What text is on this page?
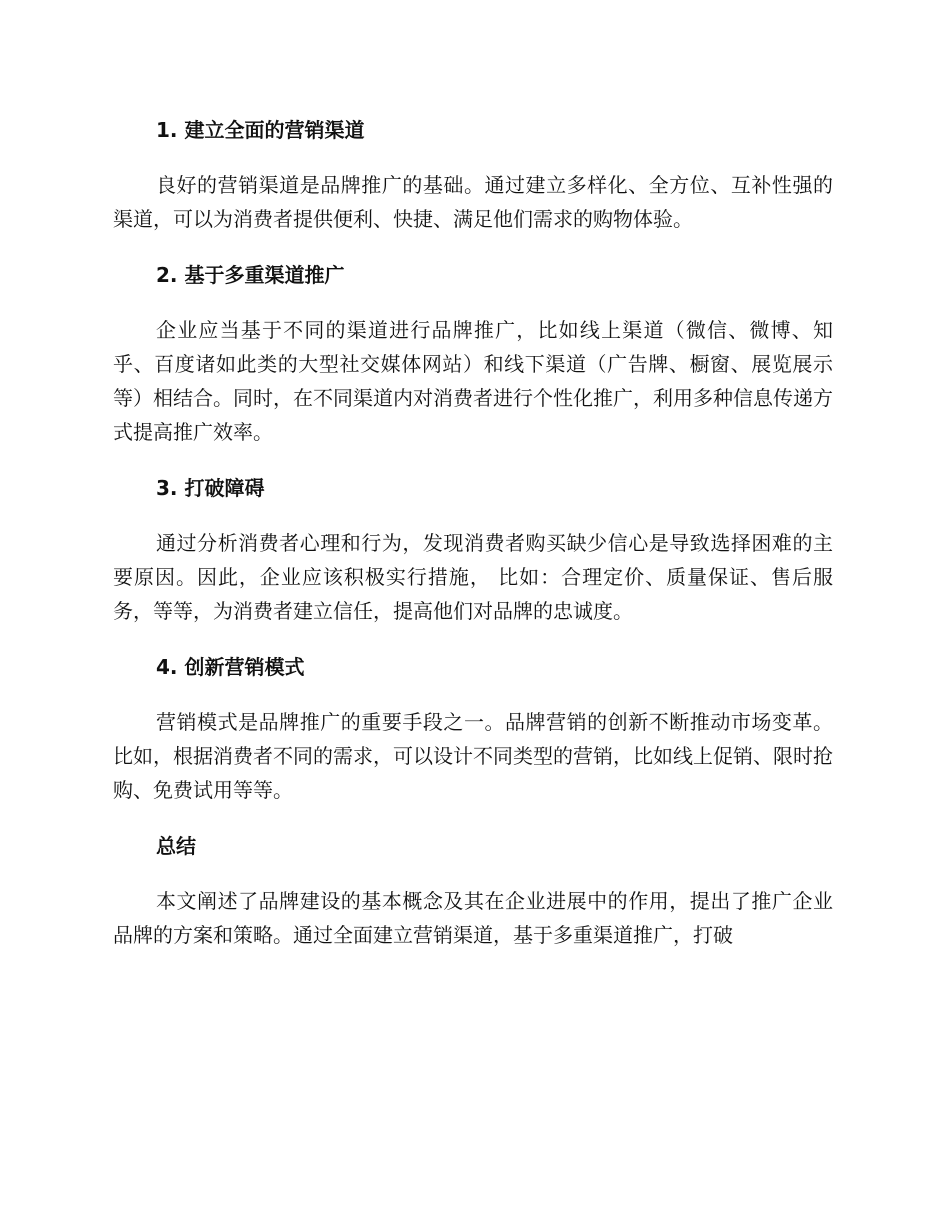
1. 建立全面的营销渠道

良好的营销渠道是品牌推广的基础。通过建立多样化、全方位、互补性强的渠道，可以为消费者提供便利、快捷、满足他们需求的购物体验。

2. 基于多重渠道推广

企业应当基于不同的渠道进行品牌推广，比如线上渠道（微信、微博、知乎、百度诸如此类的大型社交媒体网站）和线下渠道（广告牌、橱窗、展览展示等）相结合。同时，在不同渠道内对消费者进行个性化推广，利用多种信息传递方式提高推广效率。

3. 打破障碍

通过分析消费者心理和行为，发现消费者购买缺少信心是导致选择困难的主要原因。因此，企业应该积极实行措施， 比如：合理定价、质量保证、售后服务，等等，为消费者建立信任，提高他们对品牌的忠诚度。

4. 创新营销模式

营销模式是品牌推广的重要手段之一。品牌营销的创新不断推动市场变革。比如，根据消费者不同的需求，可以设计不同类型的营销，比如线上促销、限时抢购、免费试用等等。

总结

本文阐述了品牌建设的基本概念及其在企业进展中的作用，提出了推广企业品牌的方案和策略。通过全面建立营销渠道，基于多重渠道推广，打破
